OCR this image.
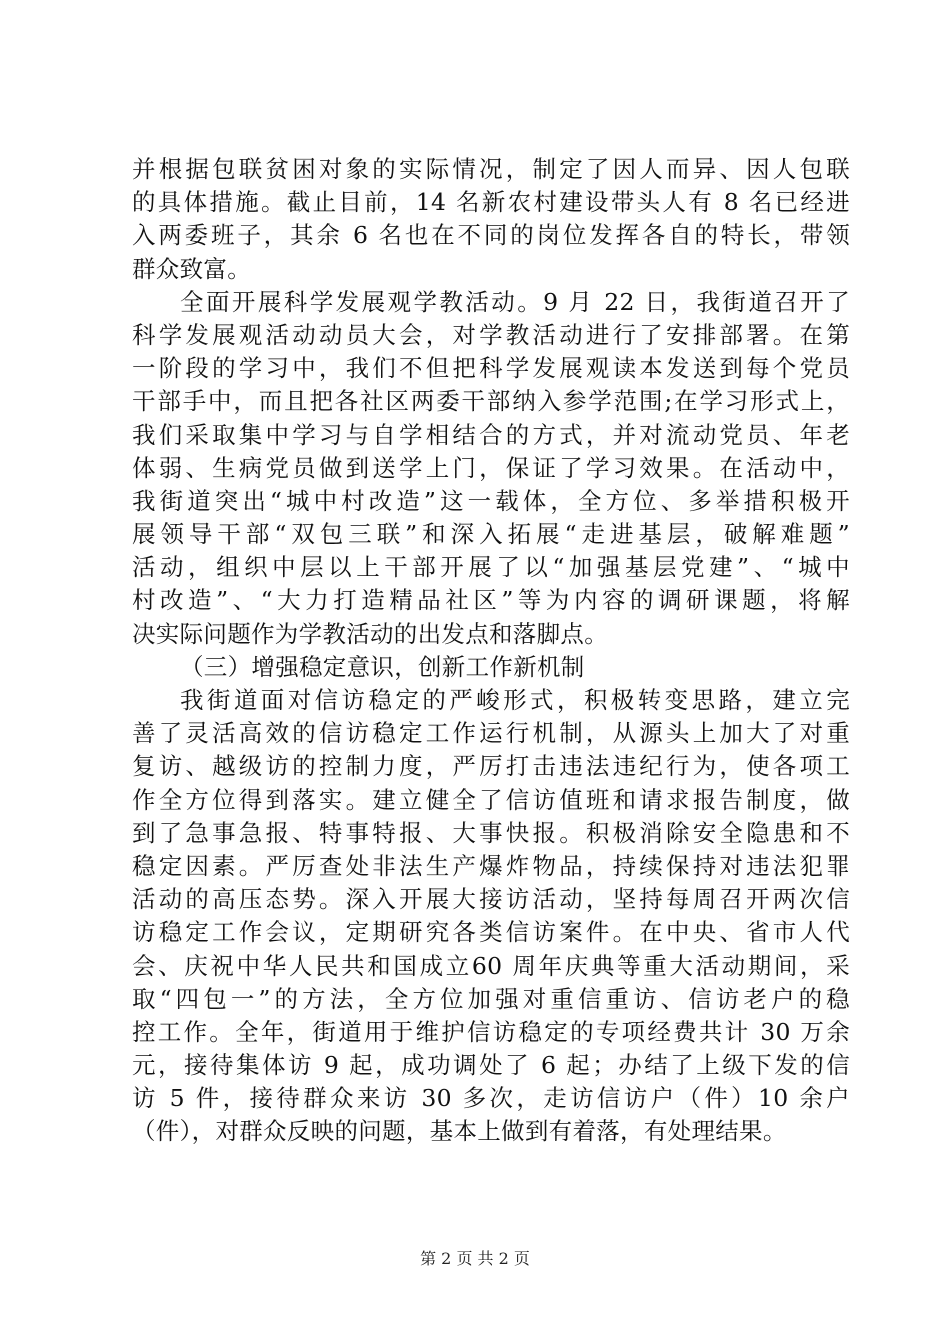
并根据包联贫困对象的实际情况，制定了因人而异、因人包联
的具体措施。截止目前，14 名新农村建设带头人有 8 名已经进
入两委班子，其余 6 名也在不同的岗位发挥各自的特长，带领
群众致富。
全面开展科学发展观学教活动。9 月 22 日，我街道召开了
科学发展观活动动员大会，对学教活动进行了安排部署。在第
一阶段的学习中，我们不但把科学发展观读本发送到每个党员
干部手中，而且把各社区两委干部纳入参学范围;在学习形式上，
我们采取集中学习与自学相结合的方式，并对流动党员、年老
体弱、生病党员做到送学上门，保证了学习效果。在活动中，
我街道突出“城中村改造”这一载体，全方位、多举措积极开
展领导干部“双包三联”和深入拓展“走进基层，破解难题”
活动，组织中层以上干部开展了以“加强基层党建”、“城中
村改造”、“大力打造精品社区”等为内容的调研课题，将解
决实际问题作为学教活动的出发点和落脚点。
（三）增强稳定意识，创新工作新机制
我街道面对信访稳定的严峻形式，积极转变思路，建立完
善了灵活高效的信访稳定工作运行机制，从源头上加大了对重
复访、越级访的控制力度，严厉打击违法违纪行为，使各项工
作全方位得到落实。建立健全了信访值班和请求报告制度，做
到了急事急报、特事特报、大事快报。积极消除安全隐患和不
稳定因素。严厉查处非法生产爆炸物品，持续保持对违法犯罪
活动的高压态势。深入开展大接访活动，坚持每周召开两次信
访稳定工作会议，定期研究各类信访案件。在中央、省市人代
会、庆祝中华人民共和国成立60 周年庆典等重大活动期间，采
取“四包一”的方法，全方位加强对重信重访、信访老户的稳
控工作。全年，街道用于维护信访稳定的专项经费共计 30 万余
元，接待集体访 9 起，成功调处了 6 起；办结了上级下发的信
访 5 件，接待群众来访 30 多次，走访信访户（件）10 余户
（件），对群众反映的问题，基本上做到有着落，有处理结果。
第 2 页 共 2 页
